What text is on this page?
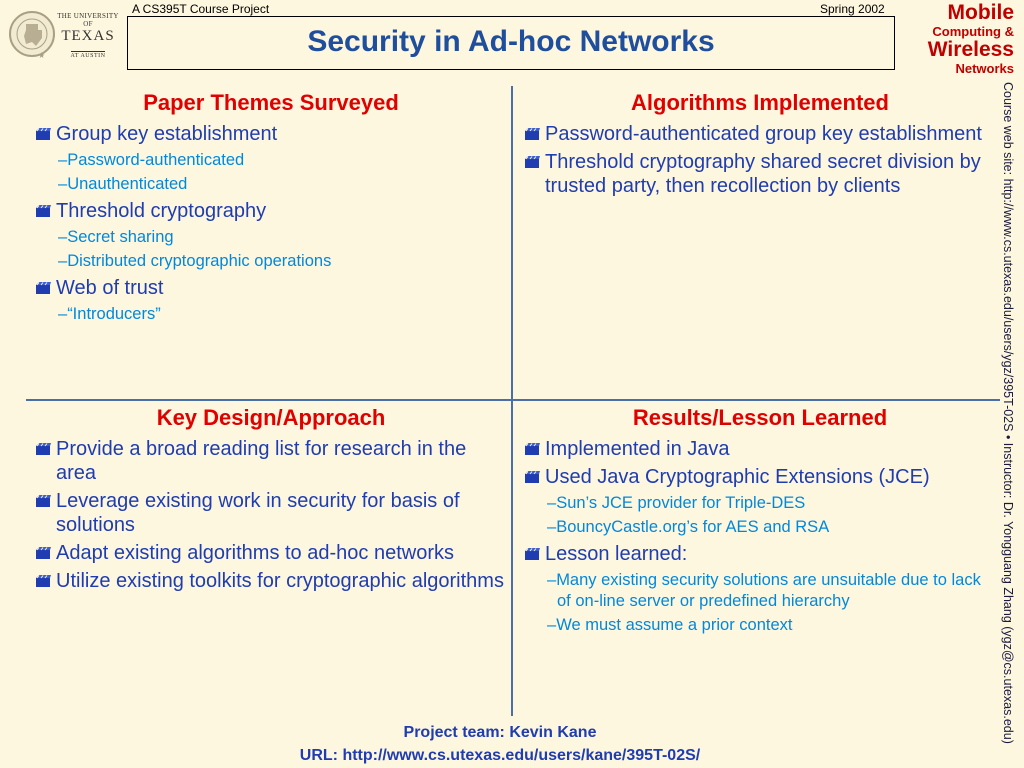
★
THE UNIVERSITY OF
TEXAS
AT AUSTIN
A CS395T Course Project	Spring 2002
Security in Ad-hoc Networks
Mobile
Computing &
Wireless
Networks
Course web site: http://www.cs.utexas.edu/users/ygz/395T-02S • Instructor: Dr. Yongguang Zhang (ygz@cs.utexas.edu)
Paper Themes Surveyed
Group key establishment
–Password-authenticated
–Unauthenticated
Threshold cryptography
–Secret sharing
–Distributed cryptographic operations
Web of trust
–“Introducers”
Algorithms Implemented
Password-authenticated group key establishment
Threshold cryptography shared secret division by trusted party, then recollection by clients
Key Design/Approach
Provide a broad reading list for research in the area
Leverage existing work in security for basis of solutions
Adapt existing algorithms to ad-hoc networks
Utilize existing toolkits for cryptographic algorithms
Results/Lesson Learned
Implemented in Java
Used Java Cryptographic Extensions (JCE)
–Sun’s JCE provider for Triple-DES
–BouncyCastle.org’s for AES and RSA
Lesson learned:
–Many existing security solutions are unsuitable due to lack of on-line server or predefined hierarchy
–We must assume a prior context
Project team: Kevin Kane
URL: http://www.cs.utexas.edu/users/kane/395T-02S/
